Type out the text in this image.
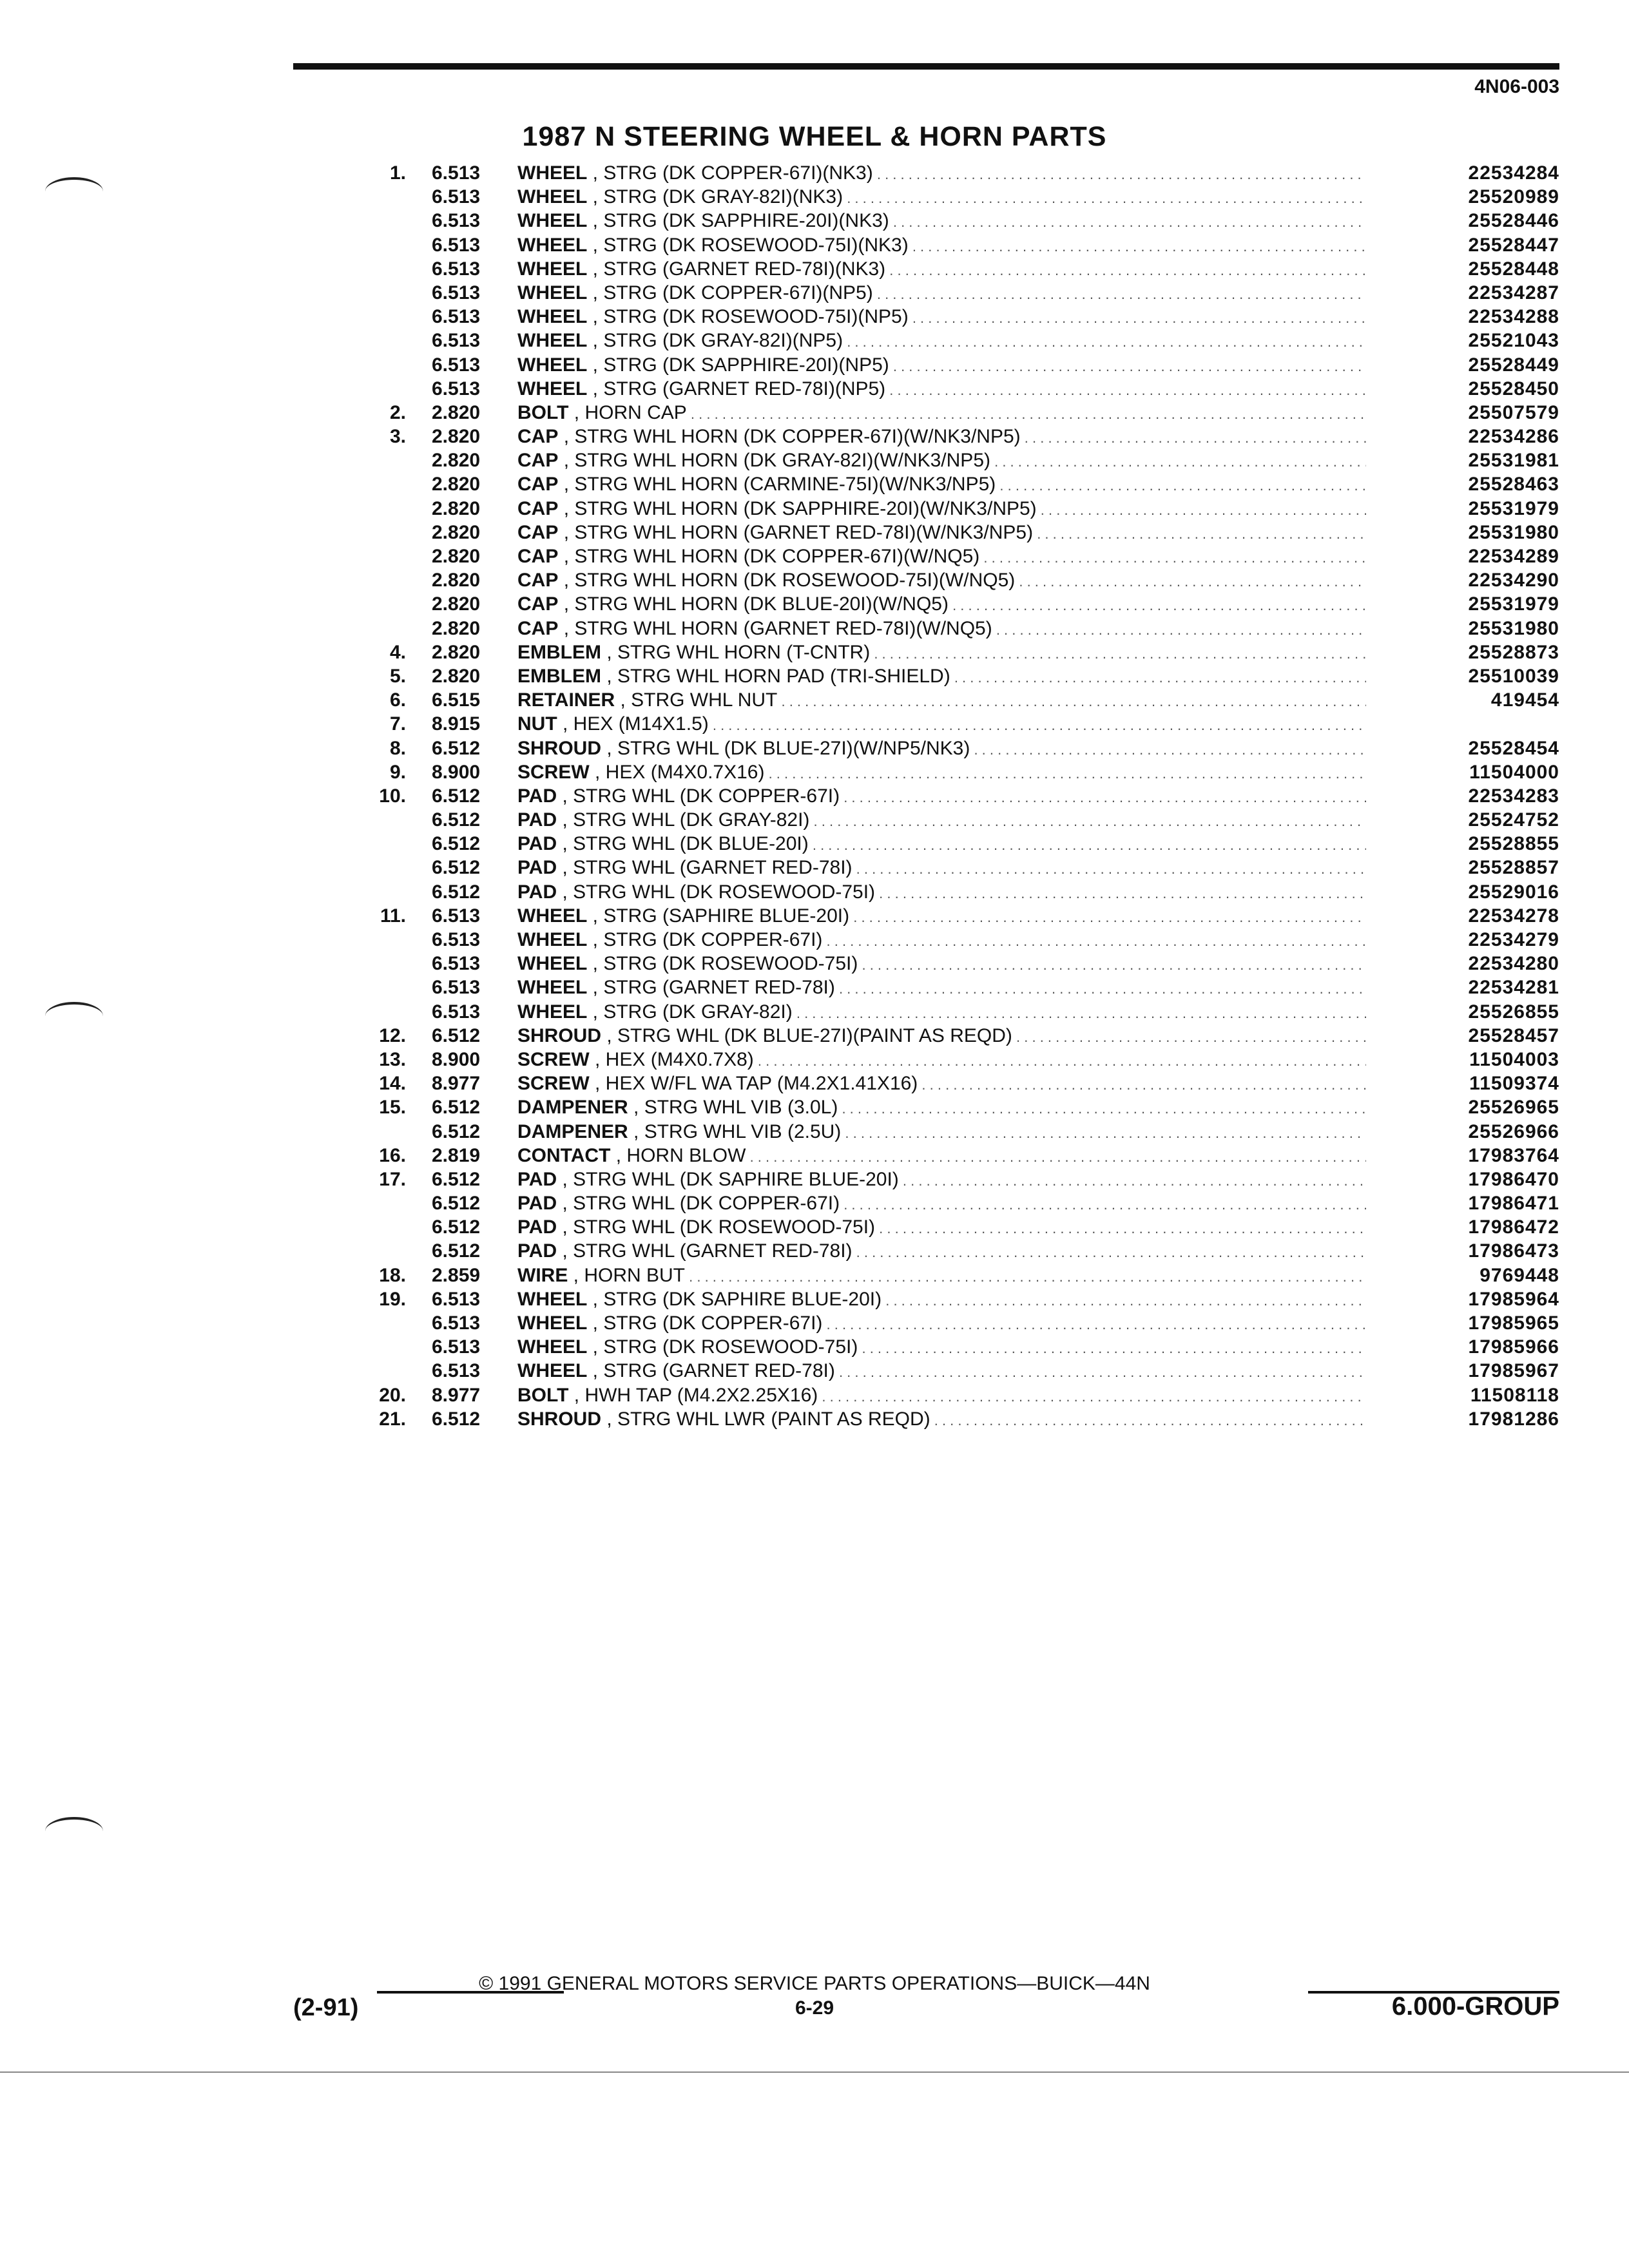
4N06-003
1987 N STEERING WHEEL & HORN PARTS
1. 6.513 WHEEL , STRG (DK COPPER-67I)(NK3) . . .	22534284
6.513 WHEEL , STRG (DK GRAY-82I)(NK3) . . .	25520989
6.513 WHEEL , STRG (DK SAPPHIRE-20I)(NK3) . . .	25528446
6.513 WHEEL , STRG (DK ROSEWOOD-75I)(NK3) . . .	25528447
6.513 WHEEL , STRG (GARNET RED-78I)(NK3) . . .	25528448
6.513 WHEEL , STRG (DK COPPER-67I)(NP5) . . .	22534287
6.513 WHEEL , STRG (DK ROSEWOOD-75I)(NP5) . . .	22534288
6.513 WHEEL , STRG (DK GRAY-82I)(NP5) . . .	25521043
6.513 WHEEL , STRG (DK SAPPHIRE-20I)(NP5) . . .	25528449
6.513 WHEEL , STRG (GARNET RED-78I)(NP5) . . .	25528450
2. 2.820 BOLT , HORN CAP . . .	25507579
3. 2.820 CAP , STRG WHL HORN (DK COPPER-67I)(W/NK3/NP5) . . .	22534286
2.820 CAP , STRG WHL HORN (DK GRAY-82I)(W/NK3/NP5) . . .	25531981
2.820 CAP , STRG WHL HORN (CARMINE-75I)(W/NK3/NP5) . . .	25528463
2.820 CAP , STRG WHL HORN (DK SAPPHIRE-20I)(W/NK3/NP5) . . .	25531979
2.820 CAP , STRG WHL HORN (GARNET RED-78I)(W/NK3/NP5) . . .	25531980
2.820 CAP , STRG WHL HORN (DK COPPER-67I)(W/NQ5) . . .	22534289
2.820 CAP , STRG WHL HORN (DK ROSEWOOD-75I)(W/NQ5) . . .	22534290
2.820 CAP , STRG WHL HORN (DK BLUE-20I)(W/NQ5) . . .	25531979
2.820 CAP , STRG WHL HORN (GARNET RED-78I)(W/NQ5) . . .	25531980
4. 2.820 EMBLEM , STRG WHL HORN (T-CNTR) . . .	25528873
5. 2.820 EMBLEM , STRG WHL HORN PAD (TRI-SHIELD) . . .	25510039
6. 6.515 RETAINER , STRG WHL NUT . . .	419454
7. 8.915 NUT , HEX (M14X1.5) . . .
8. 6.512 SHROUD , STRG WHL (DK BLUE-27I)(W/NP5/NK3) . . .	25528454
9. 8.900 SCREW , HEX (M4X0.7X16) . . .	11504000
10. 6.512 PAD , STRG WHL (DK COPPER-67I) . . .	22534283
6.512 PAD , STRG WHL (DK GRAY-82I) . . .	25524752
6.512 PAD , STRG WHL (DK BLUE-20I) . . .	25528855
6.512 PAD , STRG WHL (GARNET RED-78I) . . .	25528857
6.512 PAD , STRG WHL (DK ROSEWOOD-75I) . . .	25529016
11. 6.513 WHEEL , STRG (SAPHIRE BLUE-20I) . . .	22534278
6.513 WHEEL , STRG (DK COPPER-67I) . . .	22534279
6.513 WHEEL , STRG (DK ROSEWOOD-75I) . . .	22534280
6.513 WHEEL , STRG (GARNET RED-78I) . . .	22534281
6.513 WHEEL , STRG (DK GRAY-82I) . . .	25526855
12. 6.512 SHROUD , STRG WHL (DK BLUE-27I)(PAINT AS REQD) . . .	25528457
13. 8.900 SCREW , HEX (M4X0.7X8) . . .	11504003
14. 8.977 SCREW , HEX W/FL WA TAP (M4.2X1.41X16) . . .	11509374
15. 6.512 DAMPENER , STRG WHL VIB (3.0L) . . .	25526965
6.512 DAMPENER , STRG WHL VIB (2.5U) . . .	25526966
16. 2.819 CONTACT , HORN BLOW . . .	17983764
17. 6.512 PAD , STRG WHL (DK SAPHIRE BLUE-20I) . . .	17986470
6.512 PAD , STRG WHL (DK COPPER-67I) . . .	17986471
6.512 PAD , STRG WHL (DK ROSEWOOD-75I) . . .	17986472
6.512 PAD , STRG WHL (GARNET RED-78I) . . .	17986473
18. 2.859 WIRE , HORN BUT . . .	9769448
19. 6.513 WHEEL , STRG (DK SAPHIRE BLUE-20I) . . .	17985964
6.513 WHEEL , STRG (DK COPPER-67I) . . .	17985965
6.513 WHEEL , STRG (DK ROSEWOOD-75I) . . .	17985966
6.513 WHEEL , STRG (GARNET RED-78I) . . .	17985967
20. 8.977 BOLT , HWH TAP (M4.2X2.25X16) . . .	11508118
21. 6.512 SHROUD , STRG WHL LWR (PAINT AS REQD) . . .	17981286
© 1991 GENERAL MOTORS SERVICE PARTS OPERATIONS—BUICK—44N
6-29
(2-91)	6.000-GROUP
